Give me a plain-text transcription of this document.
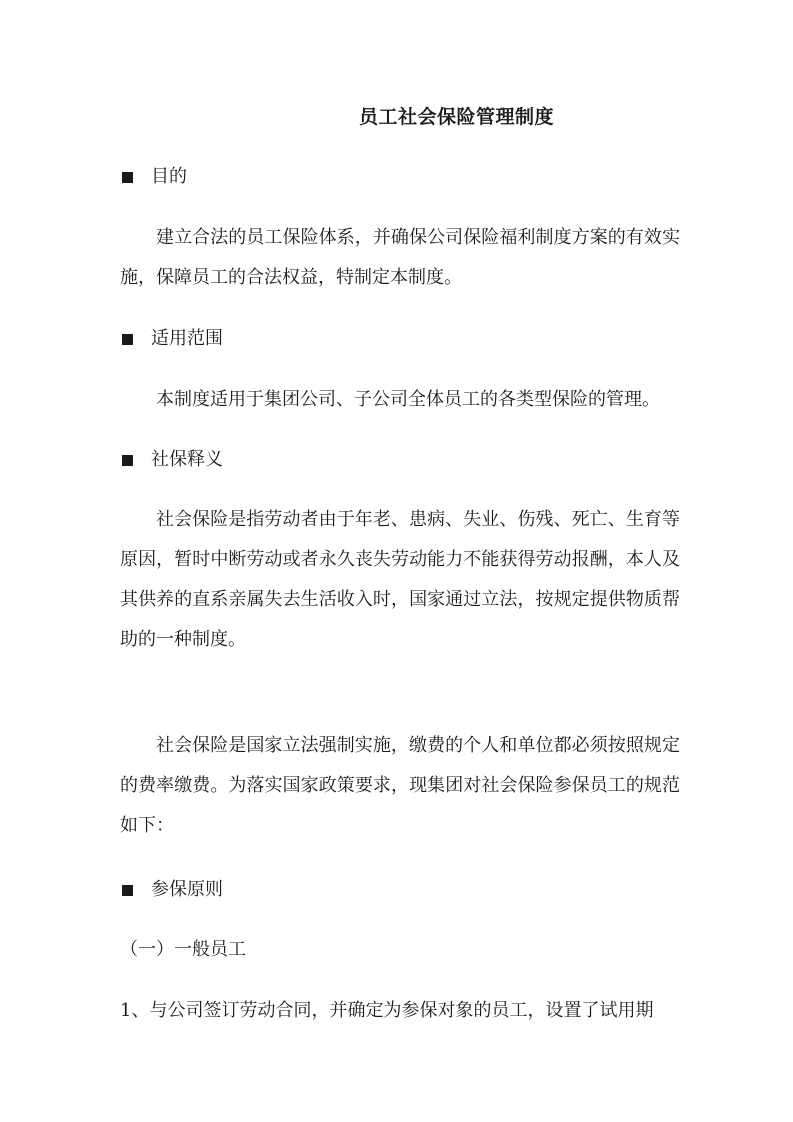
员工社会保险管理制度
目的
建立合法的员工保险体系，并确保公司保险福利制度方案的有效实施，保障员工的合法权益，特制定本制度。
适用范围
本制度适用于集团公司、子公司全体员工的各类型保险的管理。
社保释义
社会保险是指劳动者由于年老、患病、失业、伤残、死亡、生育等原因，暂时中断劳动或者永久丧失劳动能力不能获得劳动报酬，本人及其供养的直系亲属失去生活收入时，国家通过立法，按规定提供物质帮助的一种制度。
社会保险是国家立法强制实施，缴费的个人和单位都必须按照规定的费率缴费。为落实国家政策要求，现集团对社会保险参保员工的规范如下：
参保原则
（一）一般员工
1、与公司签订劳动合同，并确定为参保对象的员工，设置了试用期
